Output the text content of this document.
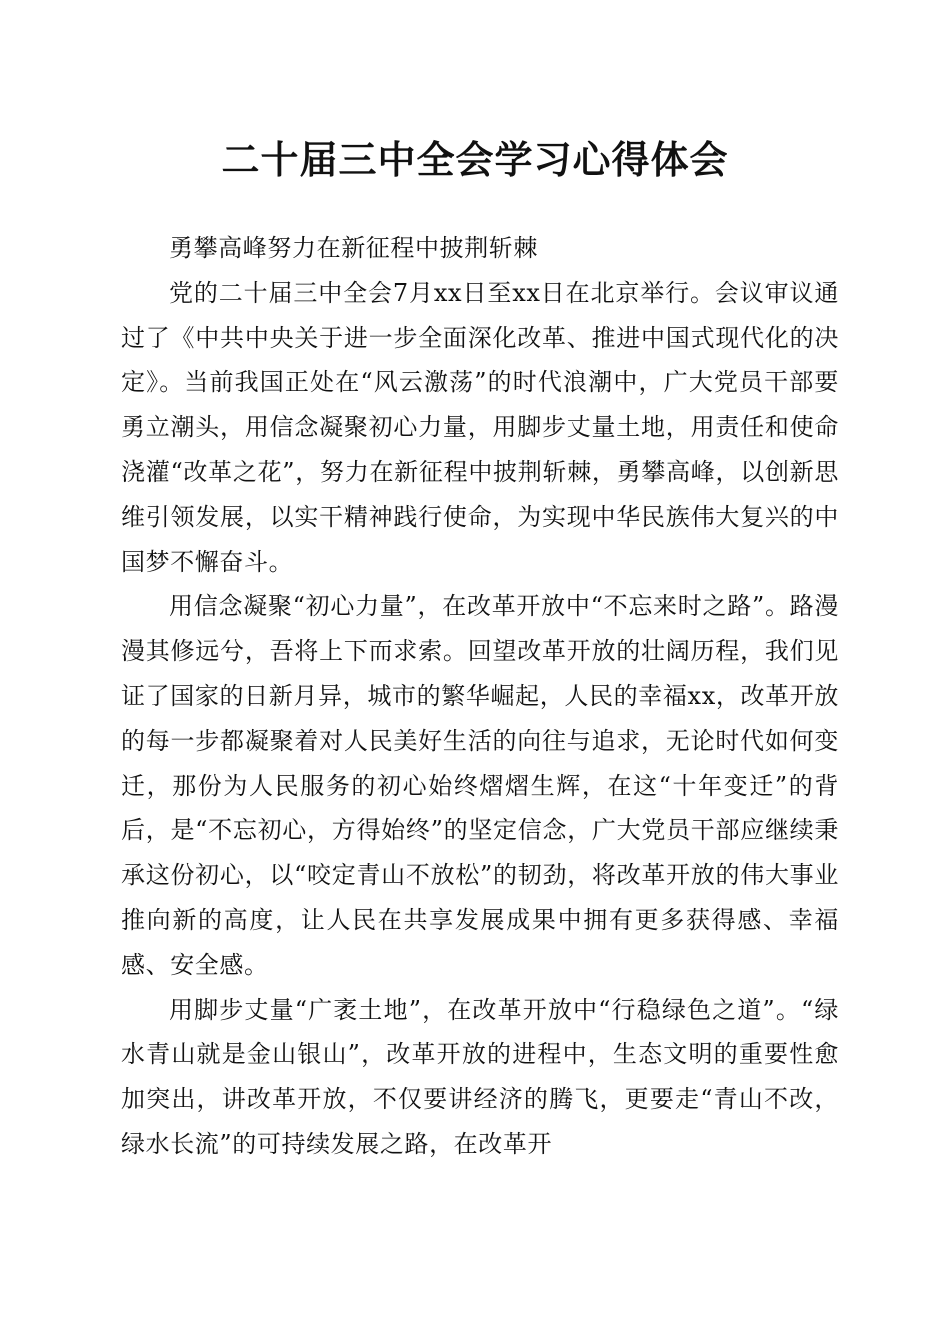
二十届三中全会学习心得体会

勇攀高峰努力在新征程中披荆斩棘

党的二十届三中全会7月xx日至xx日在北京举行。会议审议通过了《中共中央关于进一步全面深化改革、推进中国式现代化的决定》。当前我国正处在“风云激荡”的时代浪潮中，广大党员干部要勇立潮头，用信念凝聚初心力量，用脚步丈量土地，用责任和使命浇灌“改革之花”，努力在新征程中披荆斩棘，勇攀高峰，以创新思维引领发展，以实干精神践行使命，为实现中华民族伟大复兴的中国梦不懈奋斗。

用信念凝聚“初心力量”，在改革开放中“不忘来时之路”。路漫漫其修远兮，吾将上下而求索。回望改革开放的壮阔历程，我们见证了国家的日新月异，城市的繁华崛起，人民的幸福xx，改革开放的每一步都凝聚着对人民美好生活的向往与追求，无论时代如何变迁，那份为人民服务的初心始终熠熠生辉，在这“十年变迁”的背后，是“不忘初心，方得始终”的坚定信念，广大党员干部应继续秉承这份初心，以“咬定青山不放松”的韧劲，将改革开放的伟大事业推向新的高度，让人民在共享发展成果中拥有更多获得感、幸福感、安全感。

用脚步丈量“广袤土地”，在改革开放中“行稳绿色之道”。“绿水青山就是金山银山”，改革开放的进程中，生态文明的重要性愈加突出，讲改革开放，不仅要讲经济的腾飞，更要走“青山不改，绿水长流”的可持续发展之路，在改革开
